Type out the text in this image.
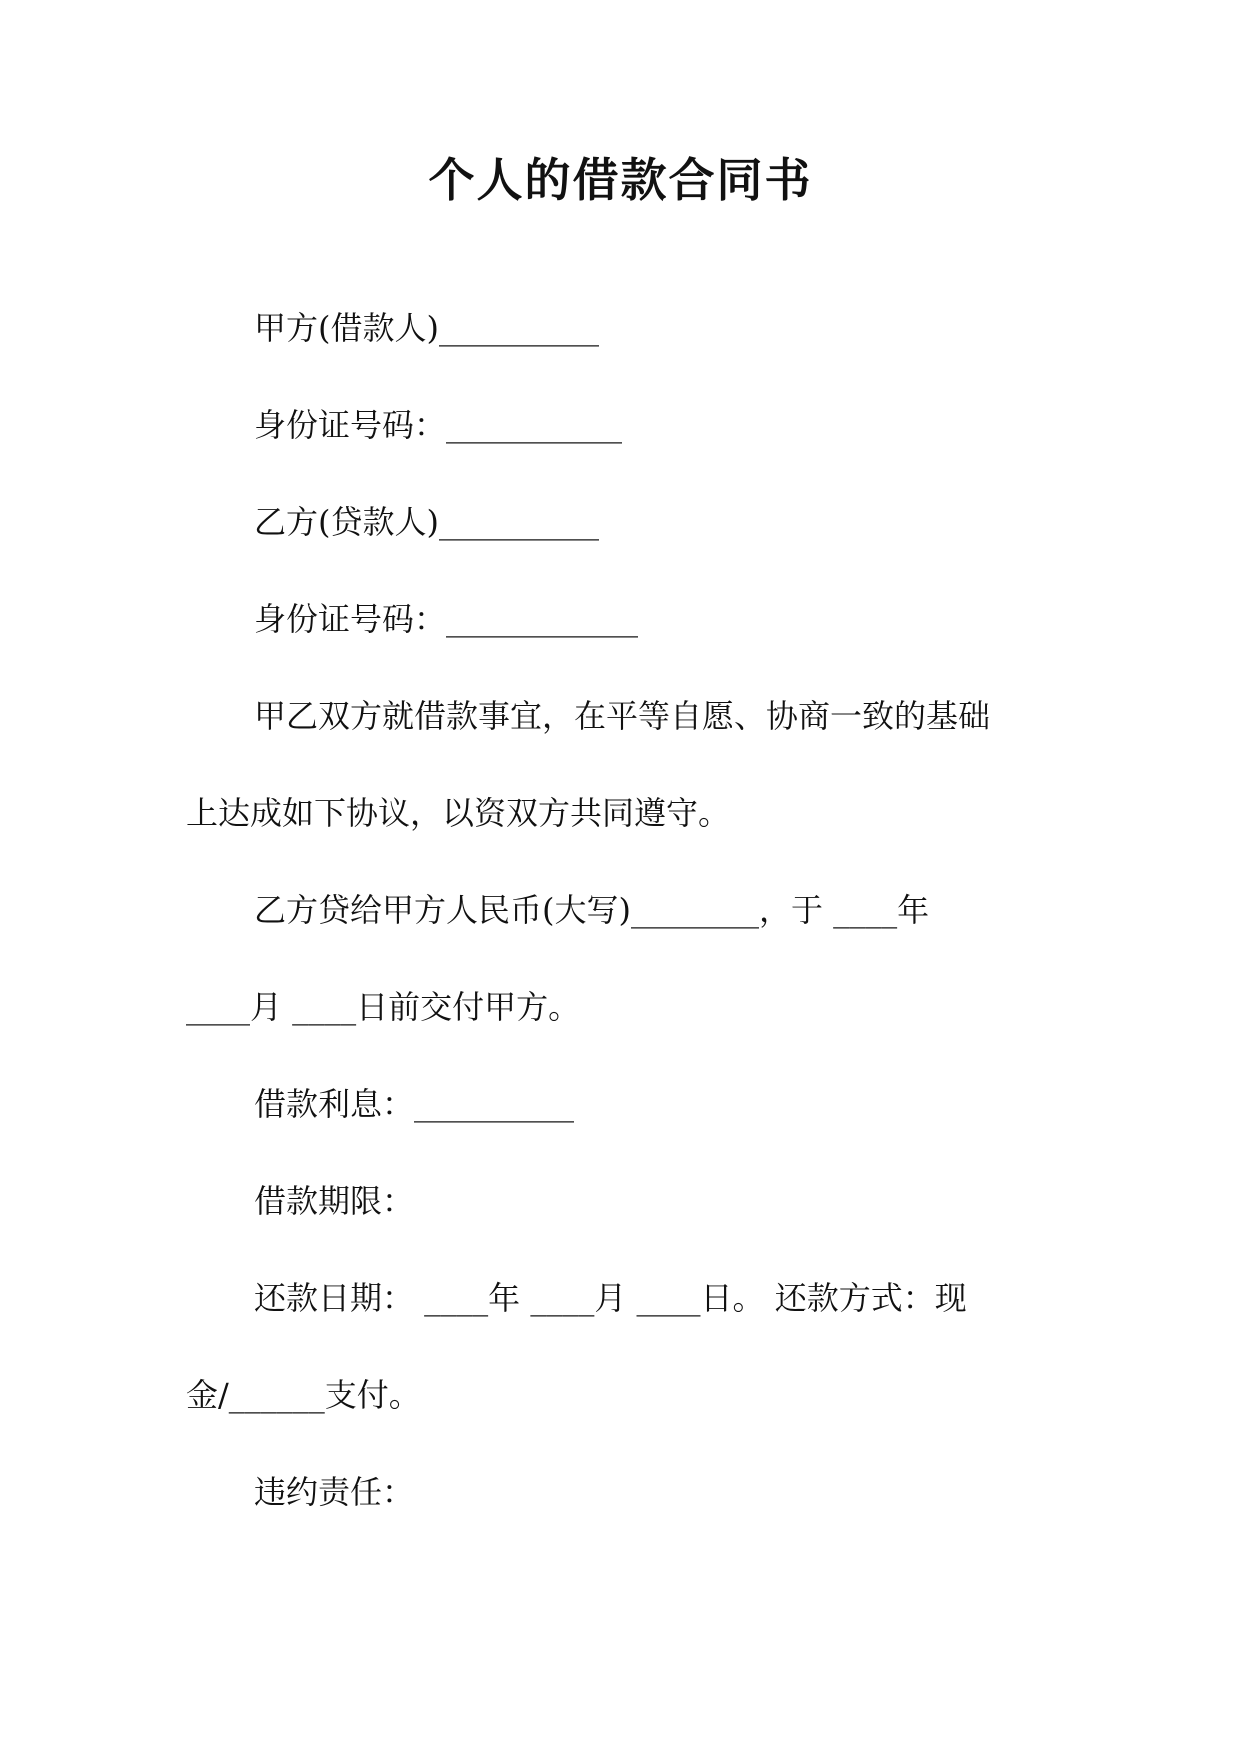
个人的借款合同书
甲方(借款人)__________
身份证号码：___________
乙方(贷款人)__________
身份证号码：____________
甲乙双方就借款事宜，在平等自愿、协商一致的基础
上达成如下协议，以资双方共同遵守。
乙方贷给甲方人民币(大写)________，于 ____年
____月 ____日前交付甲方。
借款利息：__________
借款期限：
还款日期： ____年 ____月 ____日。 还款方式：现
金/______支付。
违约责任：
